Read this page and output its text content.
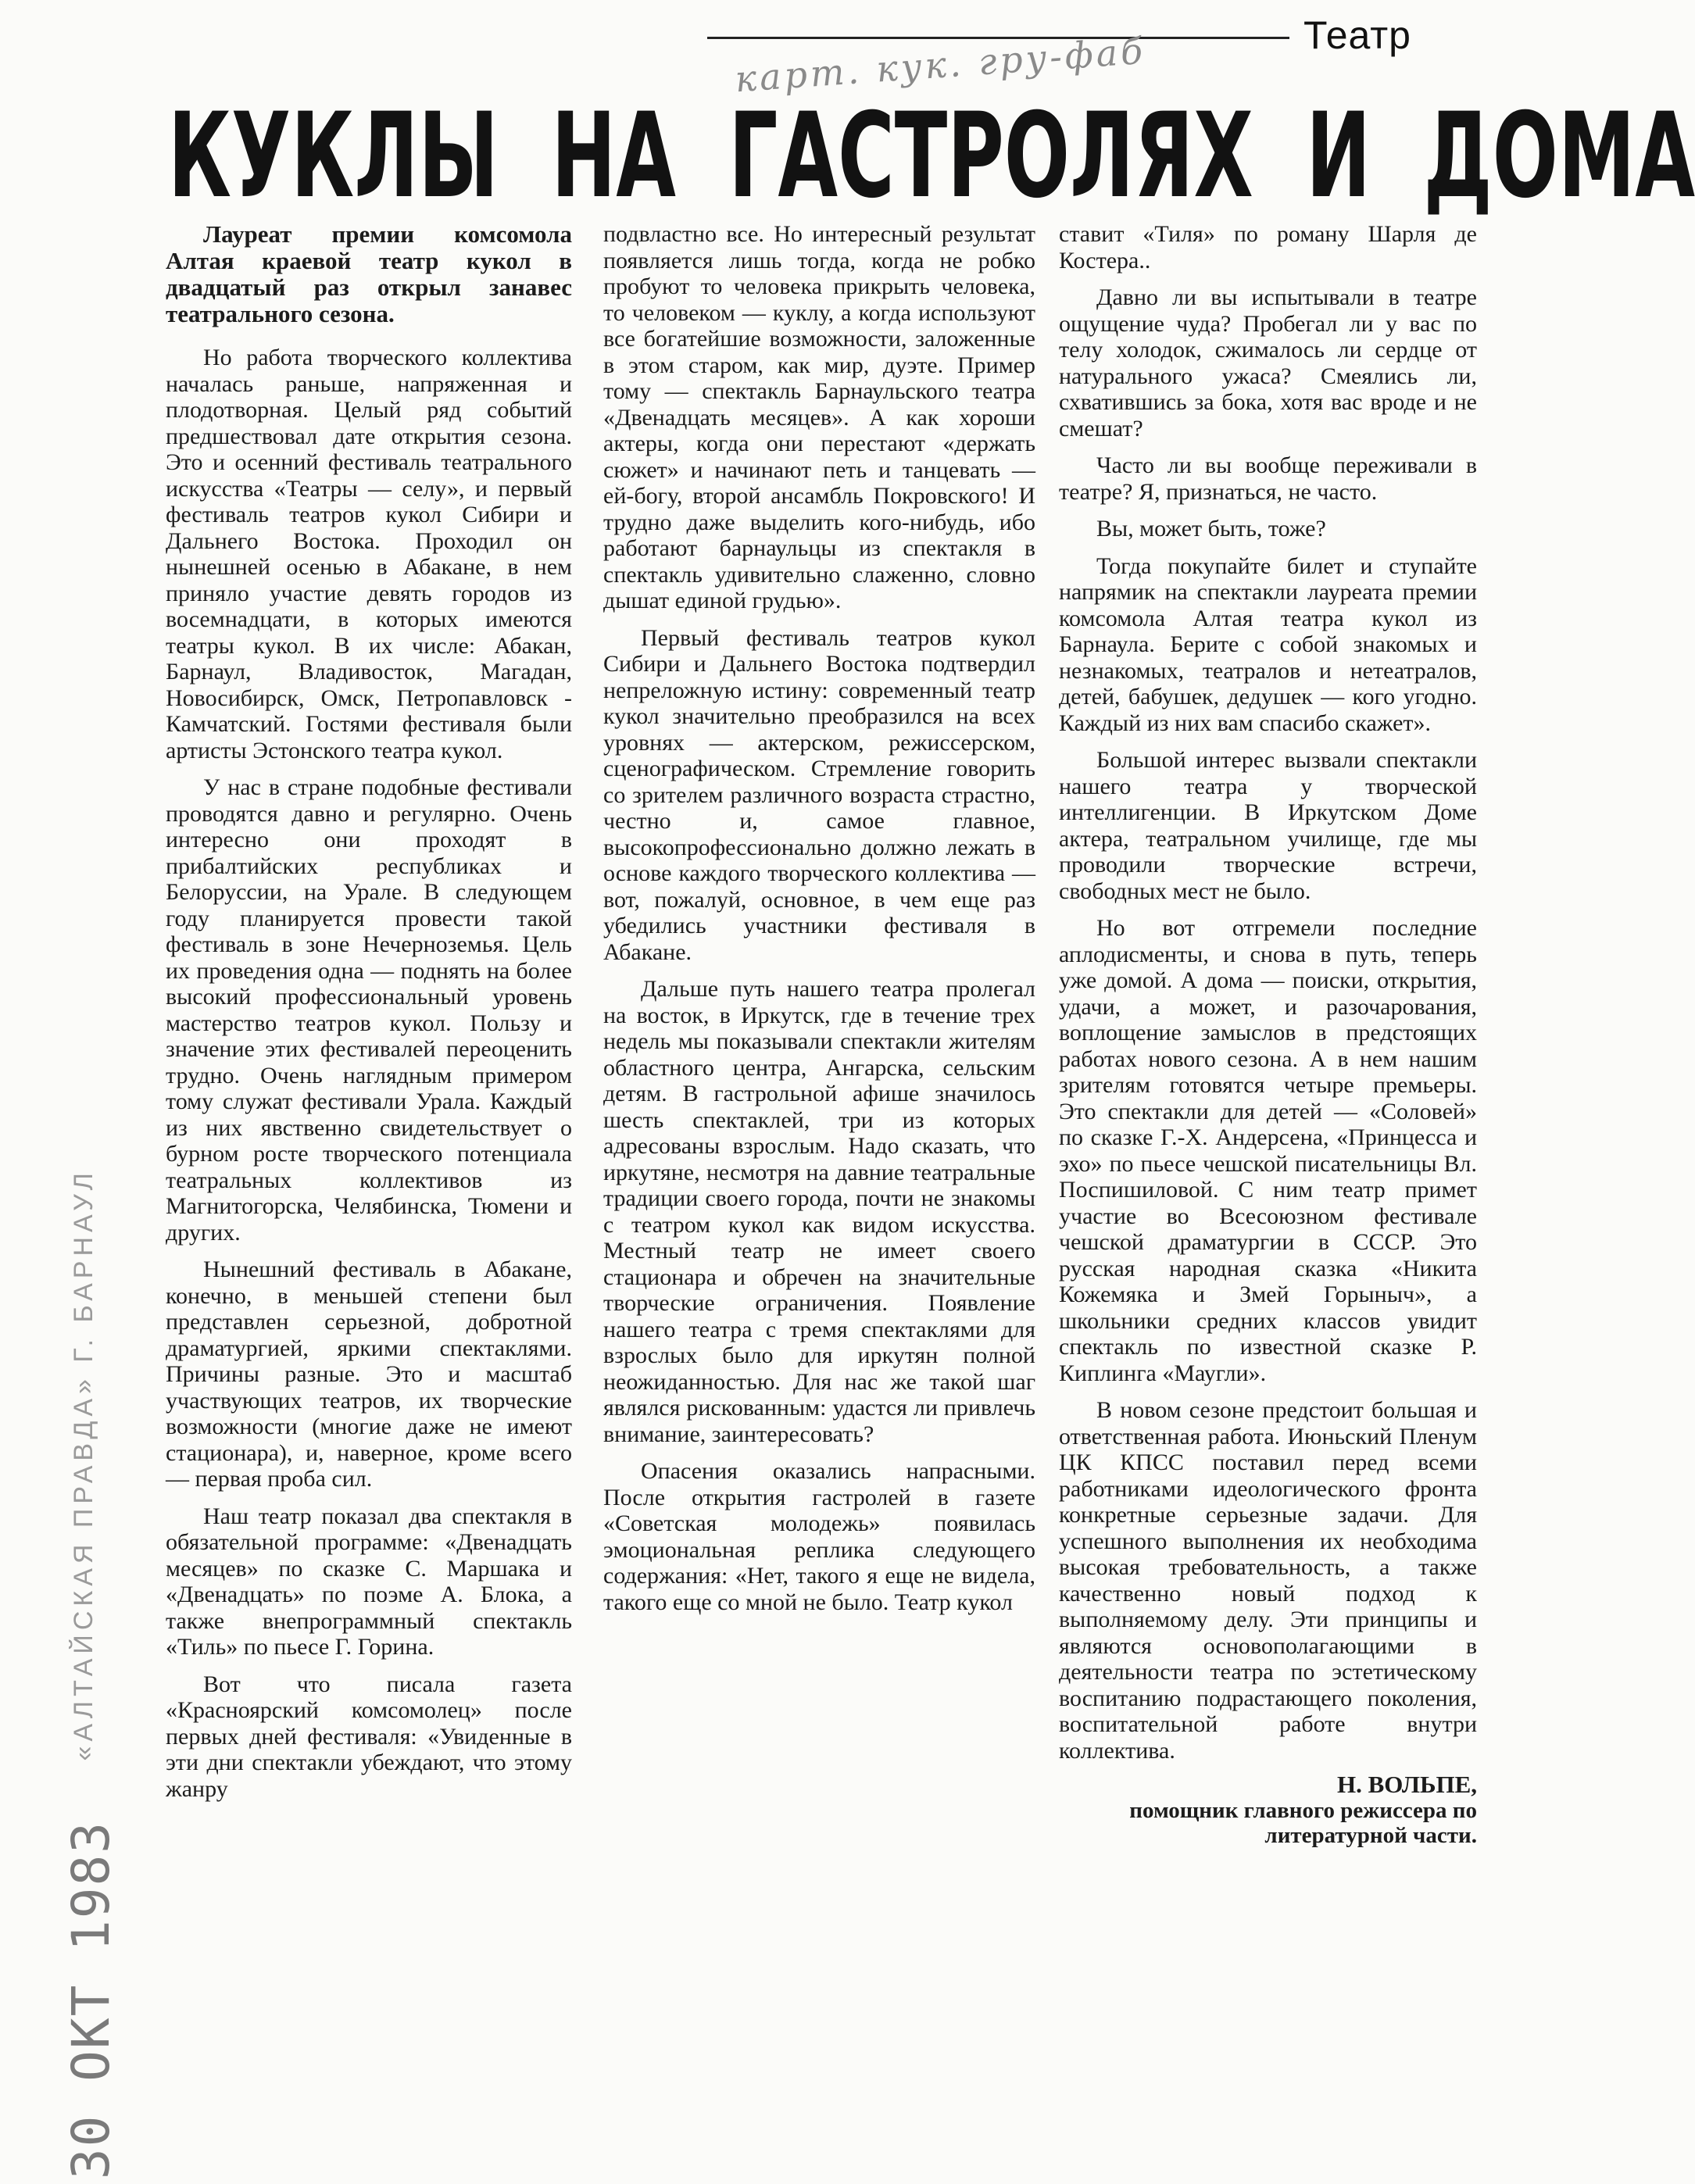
Театр
карт. кук. гру-фаб
КУКЛЫ НА ГАСТРОЛЯХ И ДОМА
«АЛТАЙСКАЯ ПРАВДА» Г. БАРНАУЛ
30 ОКТ 1983

Лауреат премии комсомола Алтая краевой театр кукол в двадцатый раз открыл занавес театрального сезона.

Но работа творческого коллектива началась раньше, напряженная и плодотворная. Целый ряд событий предшествовал дате открытия сезона. Это и осенний фестиваль театрального искусства «Театры — селу», и первый фестиваль театров кукол Сибири и Дальнего Востока. Проходил он нынешней осенью в Абакане, в нем приняло участие девять городов из восемнадцати, в которых имеются театры кукол. В их числе: Абакан, Барнаул, Владивосток, Магадан, Новосибирск, Омск, Петропавловск - Камчатский. Гостями фестиваля были артисты Эстонского театра кукол.

У нас в стране подобные фестивали проводятся давно и регулярно. Очень интересно они проходят в прибалтийских республиках и Белоруссии, на Урале. В следующем году планируется провести такой фестиваль в зоне Нечерноземья. Цель их проведения одна — поднять на более высокий профессиональный уровень мастерство театров кукол. Пользу и значение этих фестивалей переоценить трудно. Очень наглядным примером тому служат фестивали Урала. Каждый из них явственно свидетельствует о бурном росте творческого потенциала театральных коллективов из Магнитогорска, Челябинска, Тюмени и других.

Нынешний фестиваль в Абакане, конечно, в меньшей степени был представлен серьезной, добротной драматургией, яркими спектаклями. Причины разные. Это и масштаб участвующих театров, их творческие возможности (многие даже не имеют стационара), и, наверное, кроме всего — первая проба сил.

Наш театр показал два спектакля в обязательной программе: «Двенадцать месяцев» по сказке С. Маршака и «Двенадцать» по поэме А. Блока, а также внепрограммный спектакль «Тиль» по пьесе Г. Горина.

Вот что писала газета «Красноярский комсомолец» после первых дней фестиваля: «Увиденные в эти дни спектакли убеждают, что этому жанру

подвластно все. Но интересный результат появляется лишь тогда, когда не робко пробуют то человека прикрыть человека, то человеком — куклу, а когда используют все богатейшие возможности, заложенные в этом старом, как мир, дуэте. Пример тому — спектакль Барнаульского театра «Двенадцать месяцев». А как хороши актеры, когда они перестают «держать сюжет» и начинают петь и танцевать — ей-богу, второй ансамбль Покровского! И трудно даже выделить кого-нибудь, ибо работают барнаульцы из спектакля в спектакль удивительно слаженно, словно дышат единой грудью».

Первый фестиваль театров кукол Сибири и Дальнего Востока подтвердил непреложную истину: современный театр кукол значительно преобразился на всех уровнях — актерском, режиссерском, сценографическом. Стремление говорить со зрителем различного возраста страстно, честно и, самое главное, высокопрофессионально должно лежать в основе каждого творческого коллектива — вот, пожалуй, основное, в чем еще раз убедились участники фестиваля в Абакане.

Дальше путь нашего театра пролегал на восток, в Иркутск, где в течение трех недель мы показывали спектакли жителям областного центра, Ангарска, сельским детям. В гастрольной афише значилось шесть спектаклей, три из которых адресованы взрослым. Надо сказать, что иркутяне, несмотря на давние театральные традиции своего города, почти не знакомы с театром кукол как видом искусства. Местный театр не имеет своего стационара и обречен на значительные творческие ограничения. Появление нашего театра с тремя спектаклями для взрослых было для иркутян полной неожиданностью. Для нас же такой шаг являлся рискованным: удастся ли привлечь внимание, заинтересовать?

Опасения оказались напрасными. После открытия гастролей в газете «Советская молодежь» появилась эмоциональная реплика следующего содержания: «Нет, такого я еще не видела, такого еще со мной не было. Театр кукол

ставит «Тиля» по роману Шарля де Костера..

Давно ли вы испытывали в театре ощущение чуда? Пробегал ли у вас по телу холодок, сжималось ли сердце от натурального ужаса? Смеялись ли, схватившись за бока, хотя вас вроде и не смешат?

Часто ли вы вообще переживали в театре? Я, признаться, не часто.

Вы, может быть, тоже?

Тогда покупайте билет и ступайте напрямик на спектакли лауреата премии комсомола Алтая театра кукол из Барнаула. Берите с собой знакомых и незнакомых, театралов и нетеатралов, детей, бабушек, дедушек — кого угодно. Каждый из них вам спасибо скажет».

Большой интерес вызвали спектакли нашего театра у творческой интеллигенции. В Иркутском Доме актера, театральном училище, где мы проводили творческие встречи, свободных мест не было.

Но вот отгремели последние аплодисменты, и снова в путь, теперь уже домой. А дома — поиски, открытия, удачи, а может, и разочарования, воплощение замыслов в предстоящих работах нового сезона. А в нем нашим зрителям готовятся четыре премьеры. Это спектакли для детей — «Соловей» по сказке Г.-Х. Андерсена, «Принцесса и эхо» по пьесе чешской писательницы Вл. Поспишиловой. С ним театр примет участие во Всесоюзном фестивале чешской драматургии в СССР. Это русская народная сказка «Никита Кожемяка и Змей Горыныч», а школьники средних классов увидит спектакль по известной сказке Р. Киплинга «Маугли».

В новом сезоне предстоит большая и ответственная работа. Июньский Пленум ЦК КПСС поставил перед всеми работниками идеологического фронта конкретные серьезные задачи. Для успешного выполнения их необходима высокая требовательность, а также качественно новый подход к выполняемому делу. Эти принципы и являются основополагающими в деятельности театра по эстетическому воспитанию подрастающего поколения, воспитательной работе внутри коллектива.

Н. ВОЛЬПЕ,
помощник главного режиссера по литературной части.
